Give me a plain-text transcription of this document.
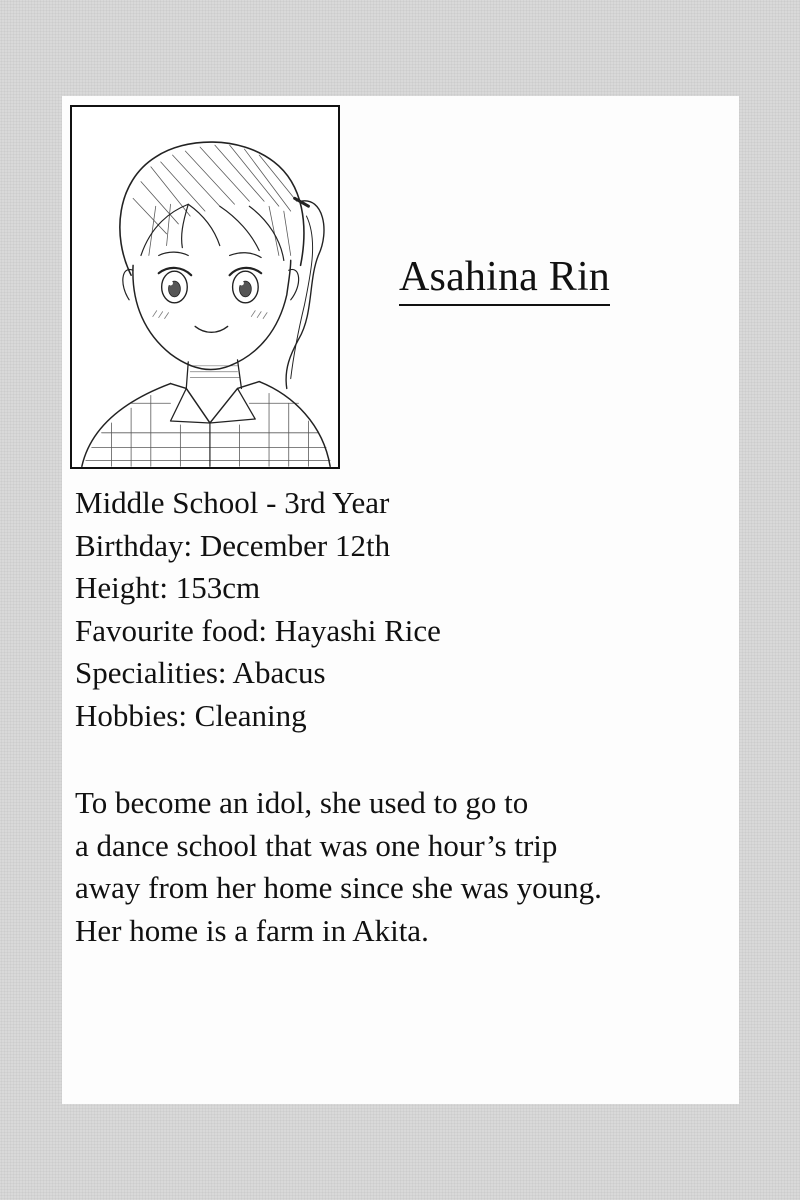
Asahina Rin
Middle School - 3rd Year
Birthday: December 12th
Height: 153cm
Favourite food: Hayashi Rice
Specialities: Abacus
Hobbies: Cleaning
To become an idol, she used to go to
a dance school that was one hour’s trip
away from her home since she was young.
Her home is a farm in Akita.
